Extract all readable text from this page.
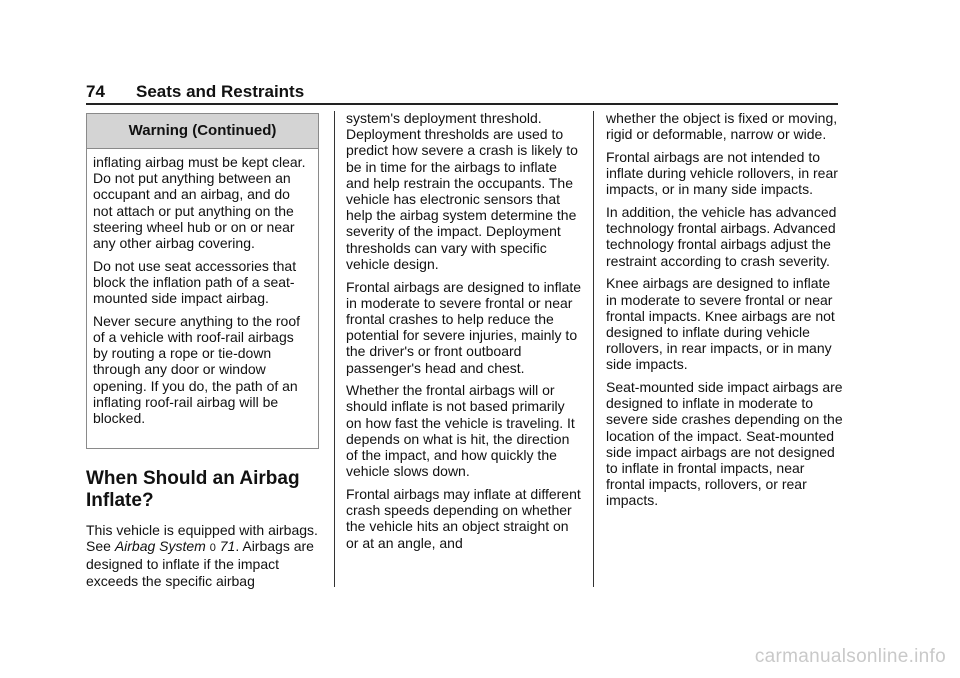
74 Seats and Restraints
Warning (Continued)

inflating airbag must be kept clear. Do not put anything between an occupant and an airbag, and do not attach or put anything on the steering wheel hub or on or near any other airbag covering.

Do not use seat accessories that block the inflation path of a seat-mounted side impact airbag.

Never secure anything to the roof of a vehicle with roof-rail airbags by routing a rope or tie-down through any door or window opening. If you do, the path of an inflating roof-rail airbag will be blocked.

When Should an Airbag Inflate?

This vehicle is equipped with airbags. See Airbag System 0 71. Airbags are designed to inflate if the impact exceeds the specific airbag

system's deployment threshold. Deployment thresholds are used to predict how severe a crash is likely to be in time for the airbags to inflate and help restrain the occupants. The vehicle has electronic sensors that help the airbag system determine the severity of the impact. Deployment thresholds can vary with specific vehicle design.

Frontal airbags are designed to inflate in moderate to severe frontal or near frontal crashes to help reduce the potential for severe injuries, mainly to the driver's or front outboard passenger's head and chest.

Whether the frontal airbags will or should inflate is not based primarily on how fast the vehicle is traveling. It depends on what is hit, the direction of the impact, and how quickly the vehicle slows down.

Frontal airbags may inflate at different crash speeds depending on whether the vehicle hits an object straight on or at an angle, and

whether the object is fixed or moving, rigid or deformable, narrow or wide.

Frontal airbags are not intended to inflate during vehicle rollovers, in rear impacts, or in many side impacts.

In addition, the vehicle has advanced technology frontal airbags. Advanced technology frontal airbags adjust the restraint according to crash severity.

Knee airbags are designed to inflate in moderate to severe frontal or near frontal impacts. Knee airbags are not designed to inflate during vehicle rollovers, in rear impacts, or in many side impacts.

Seat-mounted side impact airbags are designed to inflate in moderate to severe side crashes depending on the location of the impact. Seat-mounted side impact airbags are not designed to inflate in frontal impacts, near frontal impacts, rollovers, or rear impacts.

carmanualsonline.info
